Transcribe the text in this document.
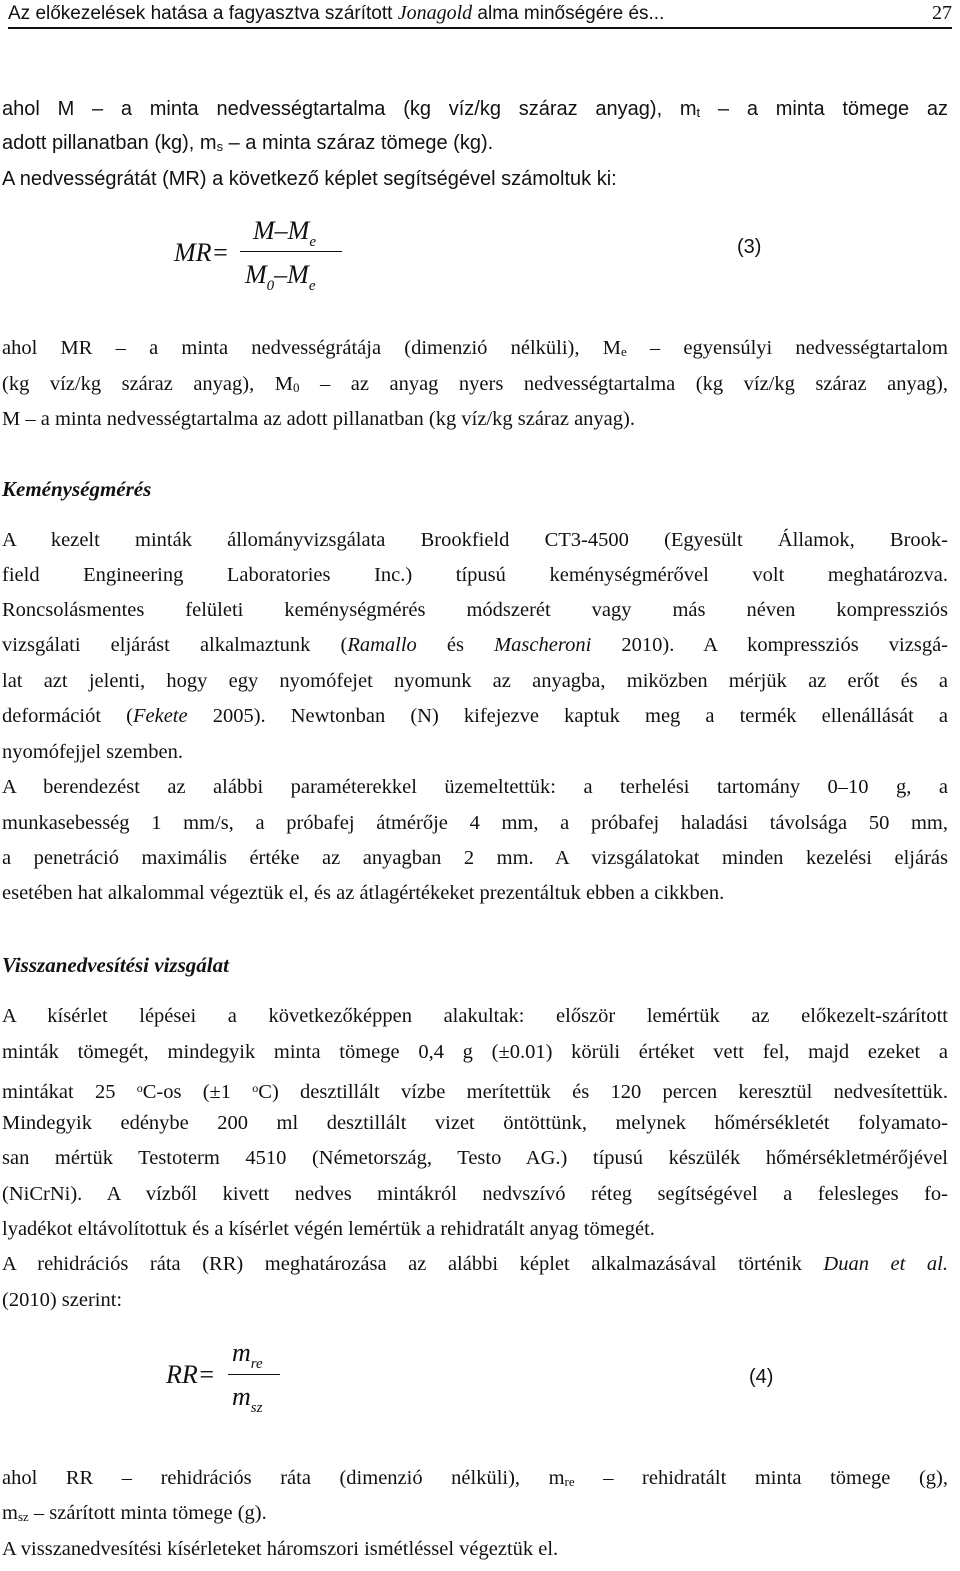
Az előkezelések hatása a fagyasztva szárított Jonagold alma minőségére és...	27
ahol M – a minta nedvességtartalma (kg víz/kg száraz anyag), $m_t$ – a minta tömege az
adott pillanatban (kg), $m_s$ – a minta száraz tömege (kg).
A nedvességrátát (MR) a következő képlet segítségével számoltuk ki:
MR=
$M-M_e$
$M_0-M_e$
(3)
ahol MR – a minta nedvességrátája (dimenzió nélküli), $M_e$ – egyensúlyi nedvességtartalom
(kg víz/kg száraz anyag), $M_0$ – az anyag nyers nedvességtartalma (kg víz/kg száraz anyag),
M – a minta nedvességtartalma az adott pillanatban (kg víz/kg száraz anyag).
Keménységmérés
A kezelt minták állományvizsgálata Brookfield CT3-4500 (Egyesült Államok, Brook-
field Engineering Laboratories Inc.) típusú keménységmérővel volt meghatározva.
Roncsolásmentes felületi keménységmérés módszerét vagy más néven kompressziós
vizsgálati eljárást alkalmaztunk (Ramallo és Mascheroni 2010). A kompressziós vizsgá-
lat azt jelenti, hogy egy nyomófejet nyomunk az anyagba, miközben mérjük az erőt és a
deformációt (Fekete 2005). Newtonban (N) kifejezve kaptuk meg a termék ellenállását a
nyomófejjel szemben.
A berendezést az alábbi paraméterekkel üzemeltettük: a terhelési tartomány 0–10 g, a
munkasebesség 1 mm/s, a próbafej átmérője 4 mm, a próbafej haladási távolsága 50 mm,
a penetráció maximális értéke az anyagban 2 mm. A vizsgálatokat minden kezelési eljárás
esetében hat alkalommal végeztük el, és az átlagértékeket prezentáltuk ebben a cikkben.
Visszanedvesítési vizsgálat
A kísérlet lépései a következőképpen alakultak: először lemértük az előkezelt-szárított
minták tömegét, mindegyik minta tömege 0,4 g (±0.01) körüli értéket vett fel, majd ezeket a
mintákat 25 $^o$C-os (±1 $^o$C) desztillált vízbe merítettük és 120 percen keresztül nedvesítettük.
Mindegyik edénybe 200 ml desztillált vizet öntöttünk, melynek hőmérsékletét folyamato-
san mértük Testoterm 4510 (Németország, Testo AG.) típusú készülék hőmérsékletmérőjével
(NiCrNi). A vízből kivett nedves mintákról nedvszívó réteg segítségével a felesleges fo-
lyadékot eltávolítottuk és a kísérlet végén lemértük a rehidratált anyag tömegét.
A rehidrációs ráta (RR) meghatározása az alábbi képlet alkalmazásával történik Duan et al.
(2010) szerint:
RR=
$m_{re}$
$m_{sz}$
(4)
ahol RR – rehidrációs ráta (dimenzió nélküli), $m_{re}$ – rehidratált minta tömege (g),
$m_{sz}$ – szárított minta tömege (g).
A visszanedvesítési kísérleteket háromszori ismétléssel végeztük el.
